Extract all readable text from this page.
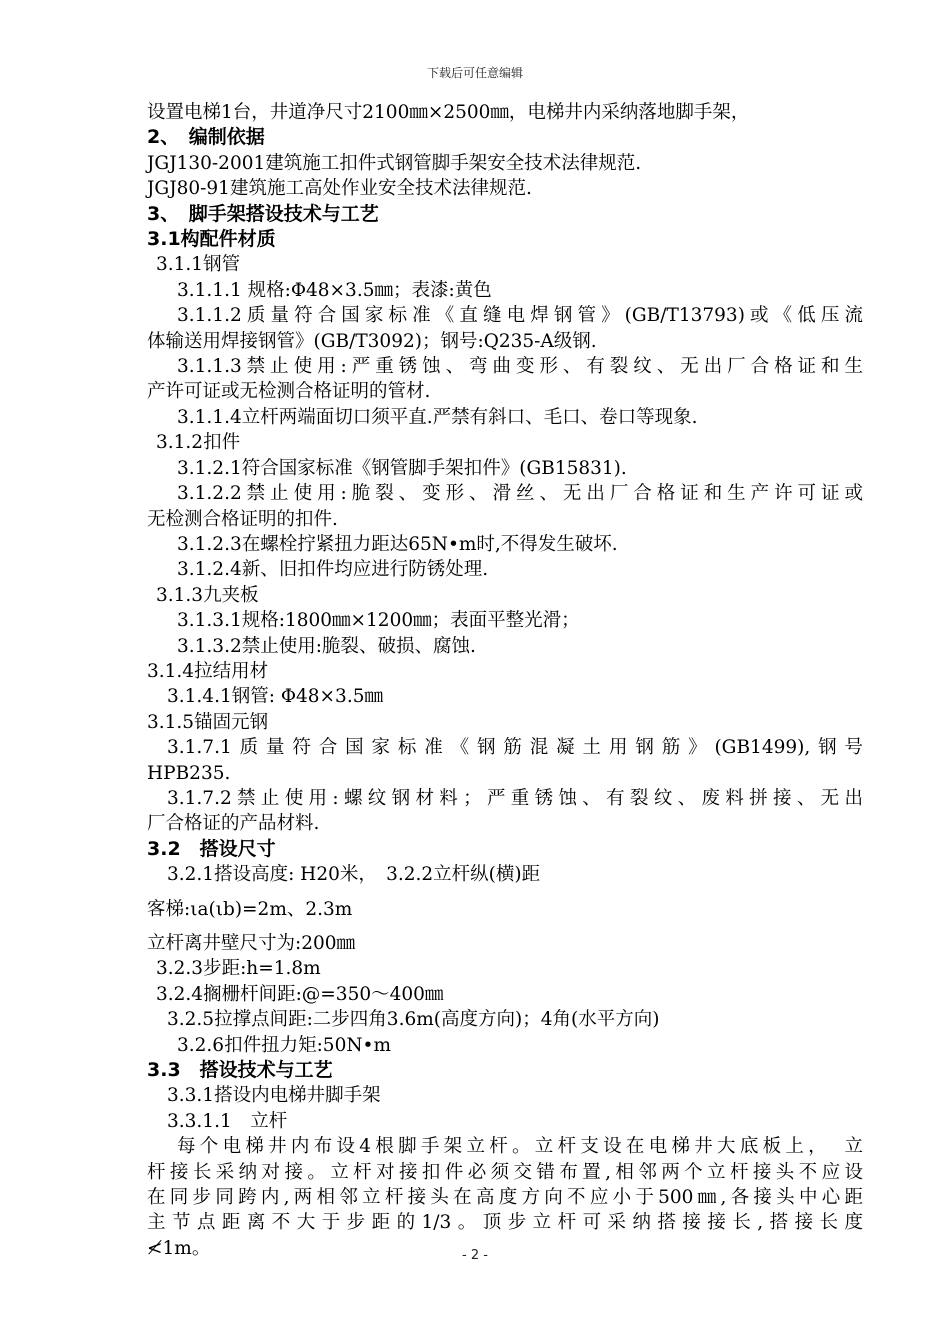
下载后可任意编辑
设置电梯1台，井道净尺寸2100㎜×2500㎜，电梯井内采纳落地脚手架，
2、　编制依据
JGJ130-2001建筑施工扣件式钢管脚手架安全技术法律规范.
JGJ80-91建筑施工高处作业安全技术法律规范.
3、　脚手架搭设技术与工艺
3.1构配件材质
3.1.1钢管
3.1.1.1 规格:Φ48×3.5㎜；表漆:黄色
3.1.1.2质量符合国家标准《直缝电焊钢管》(GB/T13793)或《低压流
体输送用焊接钢管》(GB/T3092)；钢号:Q235-A级钢.
3.1.1.3禁止使用:严重锈蚀、弯曲变形、有裂纹、无出厂合格证和生
产许可证或无检测合格证明的管材.
3.1.1.4立杆两端面切口须平直.严禁有斜口、毛口、卷口等现象.
3.1.2扣件
3.1.2.1符合国家标准《钢管脚手架扣件》(GB15831).
3.1.2.2禁止使用:脆裂、变形、滑丝、无出厂合格证和生产许可证或
无检测合格证明的扣件.
3.1.2.3在螺栓拧紧扭力距达65N•m时,不得发生破坏.
3.1.2.4新、旧扣件均应进行防锈处理.
3.1.3九夹板
3.1.3.1规格:1800㎜×1200㎜；表面平整光滑；
3.1.3.2禁止使用:脆裂、破损、腐蚀.
3.1.4拉结用材
3.1.4.1钢管: Φ48×3.5㎜
3.1.5锚固元钢
3.1.7.1质量符合国家标准《钢筋混凝土用钢筋》(GB1499),钢号
HPB235.
3.1.7.2禁止使用:螺纹钢材料；严重锈蚀、有裂纹、废料拼接、无出
厂合格证的产品材料.
3.2　搭设尺寸
3.2.1搭设高度: H20米，　3.2.2立杆纵(横)距
客梯:ιa(ιb)=2m、2.3m
立杆离井壁尺寸为:200㎜
3.2.3步距:h=1.8m
3.2.4搁栅杆间距:@=350～400㎜
3.2.5拉撑点间距:二步四角3.6m(高度方向)；4角(水平方向)
3.2.6扣件扭力矩:50N•m
3.3　搭设技术与工艺
3.3.1搭设内电梯井脚手架
3.3.1.1　立杆
每个电梯井内布设4根脚手架立杆。立杆支设在电梯井大底板上，　立
杆接长采纳对接。立杆对接扣件必须交错布置,相邻两个立杆接头不应设
在同步同跨内,两相邻立杆接头在高度方向不应小于500㎜,各接头中心距
主节点距离不大于步距的1/3。顶步立杆可采纳搭接接长,搭接长度
≮1m。	- 2 -
